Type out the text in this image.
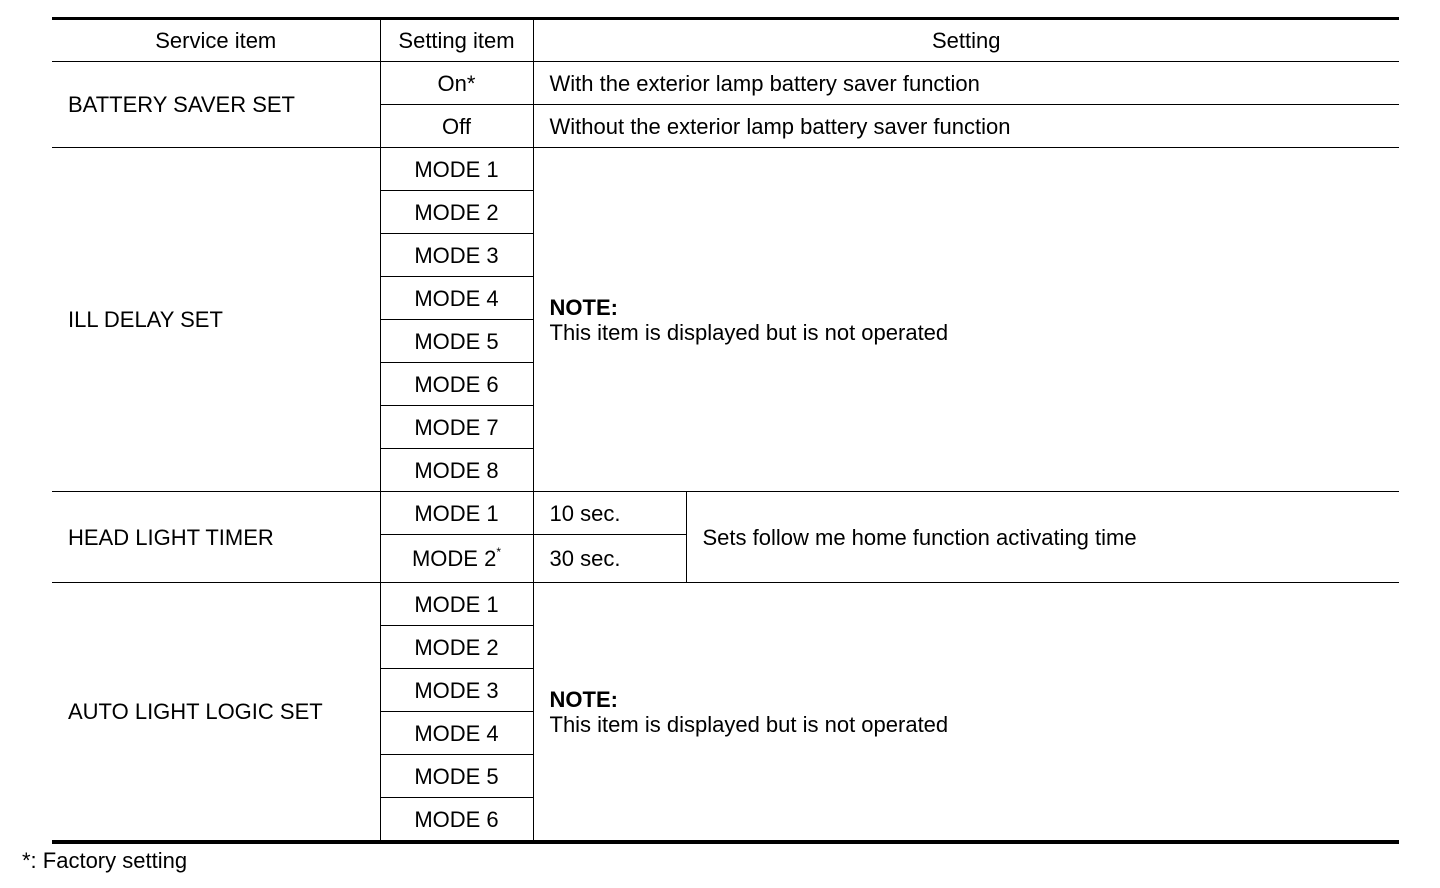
Service item	Setting item	Setting	
BATTERY SAVER SET	On*	With the exterior lamp battery saver function	
	Off	Without the exterior lamp battery saver function	
ILL DELAY SET	MODE 1	NOTE:
This item is displayed but is not operated	

	MODE 2		
	MODE 3		
	MODE 4		
	MODE 5		
	MODE 6		
	MODE 7		
	MODE 8		
HEAD LIGHT TIMER	MODE 1	10 sec.	Sets follow me home function activating time
	MODE 2*	30 sec.	
AUTO LIGHT LOGIC SET	MODE 1	NOTE:
This item is displayed but is not operated	

	MODE 2		
	MODE 3		
	MODE 4		
	MODE 5		
	MODE 6		
*: Factory setting
